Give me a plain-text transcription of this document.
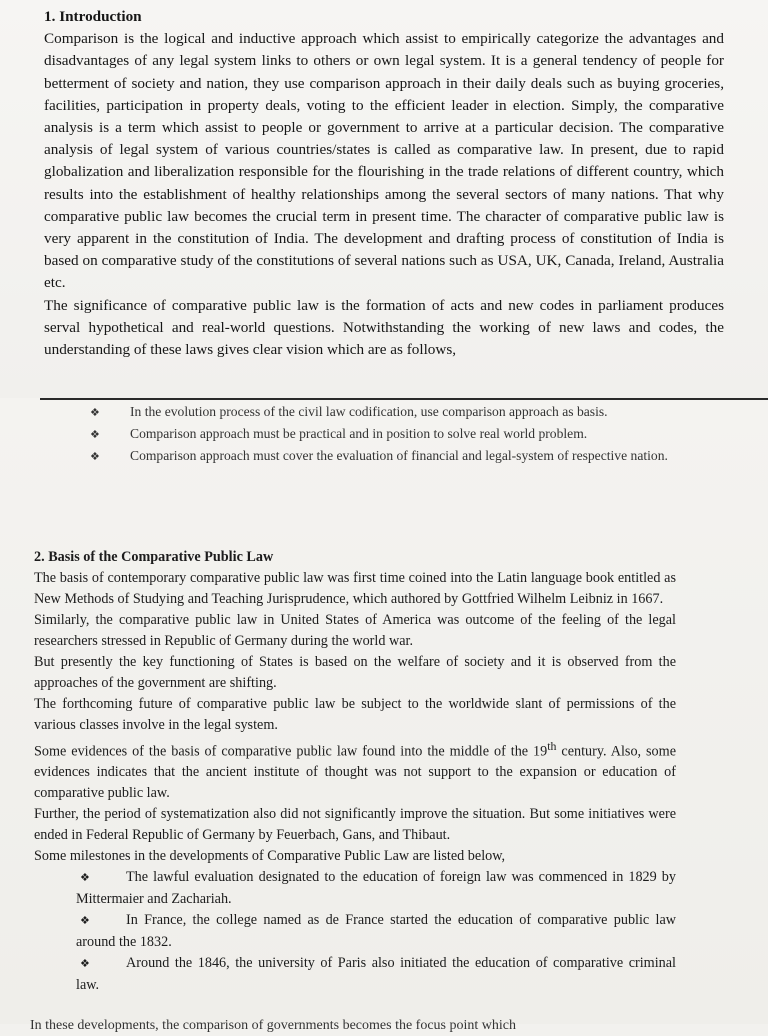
1. Introduction

Comparison is the logical and inductive approach which assist to empirically categorize the advantages and disadvantages of any legal system links to others or own legal system. It is a general tendency of people for betterment of society and nation, they use comparison approach in their daily deals such as buying groceries, facilities, participation in property deals, voting to the efficient leader in election. Simply, the comparative analysis is a term which assist to people or government to arrive at a particular decision. The comparative analysis of legal system of various countries/states is called as comparative law. In present, due to rapid globalization and liberalization responsible for the flourishing in the trade relations of different country, which results into the establishment of healthy relationships among the several sectors of many nations. That why comparative public law becomes the crucial term in present time. The character of comparative public law is very apparent in the constitution of India. The development and drafting process of constitution of India is based on comparative study of the constitutions of several nations such as USA, UK, Canada, Ireland, Australia etc.

The significance of comparative public law is the formation of acts and new codes in parliament produces serval hypothetical and real-world questions. Notwithstanding the working of new laws and codes, the understanding of these laws gives clear vision which are as follows,

❖ In the evolution process of the civil law codification, use comparison approach as basis.

❖ Comparison approach must be practical and in position to solve real world problem.

❖ Comparison approach must cover the evaluation of financial and legal-system of respective nation.

2. Basis of the Comparative Public Law

The basis of contemporary comparative public law was first time coined into the Latin language book entitled as New Methods of Studying and Teaching Jurisprudence, which authored by Gottfried Wilhelm Leibniz in 1667.

Similarly, the comparative public law in United States of America was outcome of the feeling of the legal researchers stressed in Republic of Germany during the world war.

But presently the key functioning of States is based on the welfare of society and it is observed from the approaches of the government are shifting.

The forthcoming future of comparative public law be subject to the worldwide slant of permissions of the various classes involve in the legal system.

Some evidences of the basis of comparative public law found into the middle of the 19th century. Also, some evidences indicates that the ancient institute of thought was not support to the expansion or education of comparative public law.

Further, the period of systematization also did not significantly improve the situation. But some initiatives were ended in Federal Republic of Germany by Feuerbach, Gans, and Thibaut.

Some milestones in the developments of Comparative Public Law are listed below,

❖	The lawful evaluation designated to the education of foreign law was commenced in 1829 by Mittermaier and Zachariah.

❖	In France, the college named as de France started the education of comparative public law around the 1832.

❖	Around the 1846, the university of Paris also initiated the education of comparative criminal law.

In these developments, the comparison of governments becomes the focus point which
